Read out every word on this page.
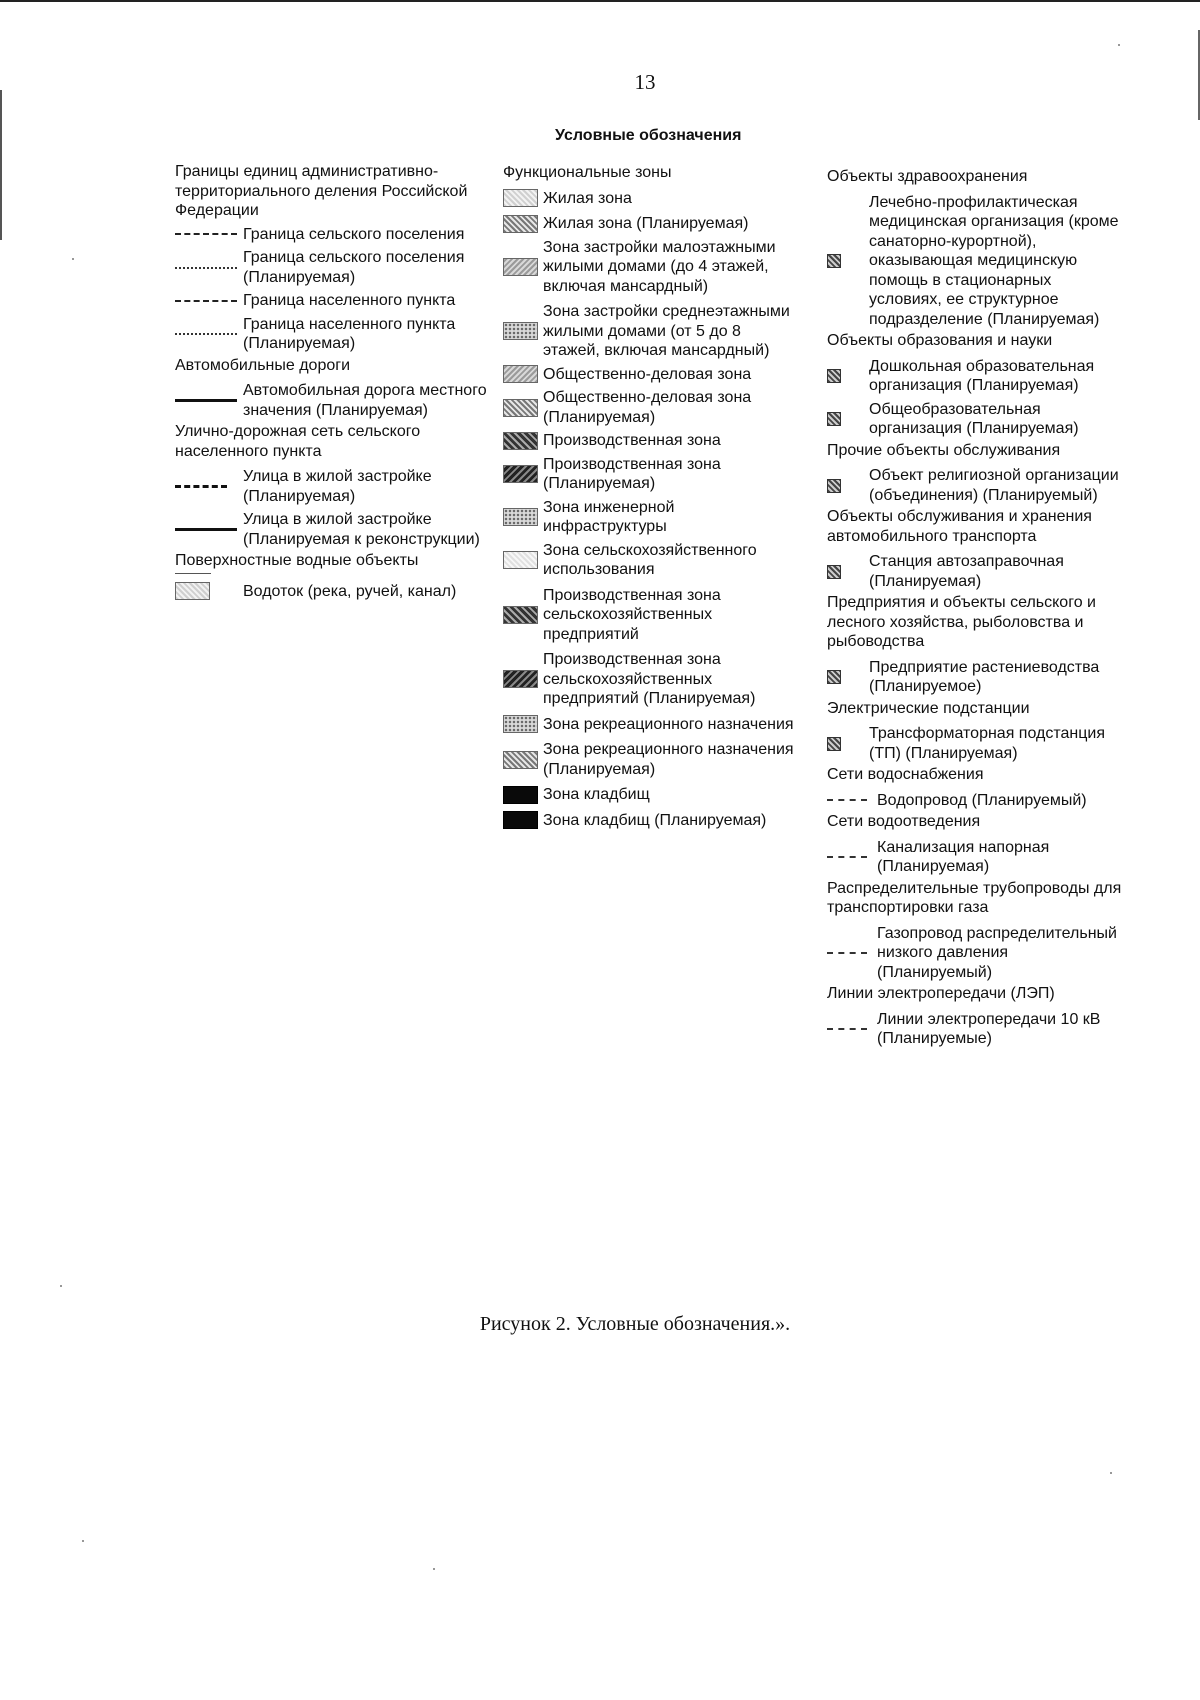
13
Условные обозначения
Границы единиц административно-территориального деления Российской Федерации
Граница сельского поселения
Граница сельского поселения (Планируемая)
Граница населенного пункта
Граница населенного пункта (Планируемая)
Автомобильные дороги
Автомобильная дорога местного значения (Планируемая)
Улично-дорожная сеть сельского населенного пункта
Улица в жилой застройке (Планируемая)
Улица в жилой застройке (Планируемая к реконструкции)
Поверхностные водные объекты
Водоток (река, ручей, канал)
Функциональные зоны
Жилая зона
Жилая зона (Планируемая)
Зона застройки малоэтажными жилыми домами (до 4 этажей, включая мансардный)
Зона застройки среднеэтажными жилыми домами (от 5 до 8 этажей, включая мансардный)
Общественно-деловая зона
Общественно-деловая зона (Планируемая)
Производственная зона
Производственная зона (Планируемая)
Зона инженерной инфраструктуры
Зона сельскохозяйственного использования
Производственная зона сельскохозяйственных предприятий
Производственная зона сельскохозяйственных предприятий (Планируемая)
Зона рекреационного назначения
Зона рекреационного назначения (Планируемая)
Зона кладбищ
Зона кладбищ (Планируемая)
Объекты здравоохранения
Лечебно-профилактическая медицинская организация (кроме санаторно-курортной), оказывающая медицинскую помощь в стационарных условиях, ее структурное подразделение (Планируемая)
Объекты образования и науки
Дошкольная образовательная организация (Планируемая)
Общеобразовательная организация (Планируемая)
Прочие объекты обслуживания
Объект религиозной организации (объединения) (Планируемый)
Объекты обслуживания и хранения автомобильного транспорта
Станция автозаправочная (Планируемая)
Предприятия и объекты сельского и лесного хозяйства, рыболовства и рыбоводства
Предприятие растениеводства (Планируемое)
Электрические подстанции
Трансформаторная подстанция (ТП) (Планируемая)
Сети водоснабжения
Водопровод (Планируемый)
Сети водоотведения
Канализация напорная (Планируемая)
Распределительные трубопроводы для транспортировки газа
Газопровод распределительный низкого давления (Планируемый)
Линии электропередачи (ЛЭП)
Линии электропередачи 10 кВ (Планируемые)
Рисунок 2. Условные обозначения.».
